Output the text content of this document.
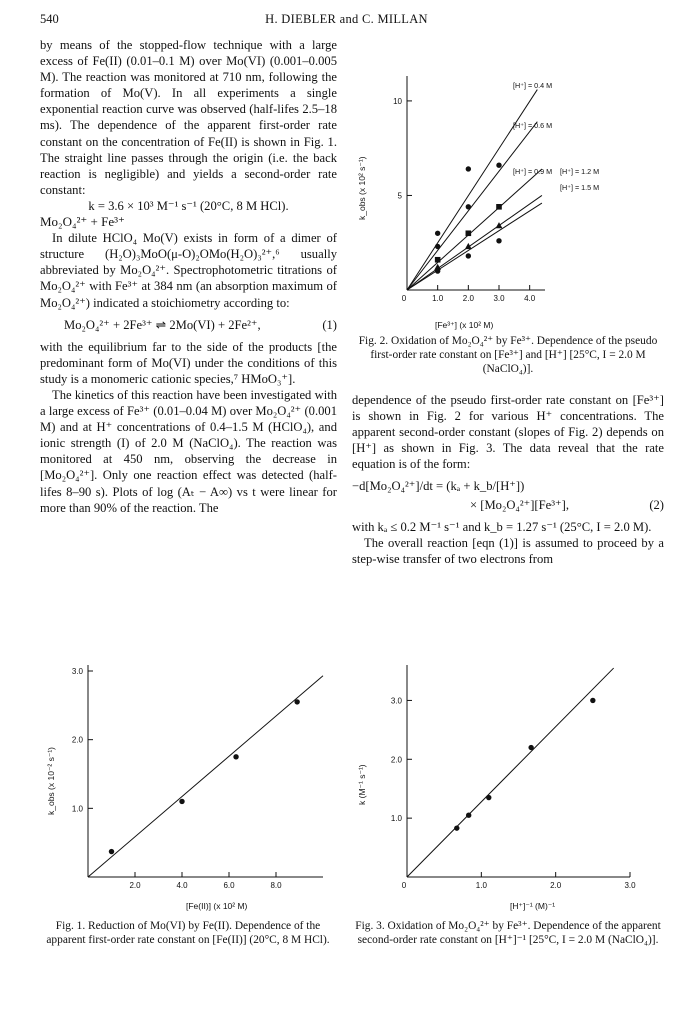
540	H. DIEBLER and C. MILLAN

by means of the stopped-flow technique with a large excess of Fe(II) (0.01–0.1 M) over Mo(VI) (0.001–0.005 M). The reaction was monitored at 710 nm, following the formation of Mo(V). In all experiments a single exponential reaction curve was observed (half-lifes 2.5–18 ms). The dependence of the apparent first-order rate constant on the concentration of Fe(II) is shown in Fig. 1. The straight line passes through the origin (i.e. the back reaction is negligible) and yields a second-order rate constant:

k = 3.6 × 10³ M⁻¹ s⁻¹ (20°C, 8 M HCl).

Mo₂O₄²⁺ + Fe³⁺

In dilute HClO₄ Mo(V) exists in form of a dimer of structure (H₂O)₃MoO(μ-O)₂OMo(H₂O)₃²⁺,⁶ usually abbreviated by Mo₂O₄²⁺. Spectrophotometric titrations of Mo₂O₄²⁺ with Fe³⁺ at 384 nm (an absorption maximum of Mo₂O₄²⁺) indicated a stoichiometry according to:

Mo₂O₄²⁺ + 2Fe³⁺ ⇌ 2Mo(VI) + 2Fe²⁺,	(1)

with the equilibrium far to the side of the products [the predominant form of Mo(VI) under the conditions of this study is a monomeric cationic species,⁷ HMoO₃⁺].

The kinetics of this reaction have been investigated with a large excess of Fe³⁺ (0.01–0.04 M) over Mo₂O₄²⁺ (0.001 M) and at H⁺ concentrations of 0.4–1.5 M (HClO₄), and ionic strength (I) of 2.0 M (NaClO₄). The reaction was monitored at 450 nm, observing the decrease in [Mo₂O₄²⁺]. Only one reaction effect was detected (half-lifes 8–90 s). Plots of log (Aₜ − A∞) vs t were linear for more than 90% of the reaction. The

1.0 2.0 3.0 4.0
5
10
0
[H⁺] = 0.4 M
[H⁺] = 0.6 M
[H⁺] = 0.9 M [H⁺] = 1.2 M
[H⁺] = 1.5 M
k_obs (x 10² s⁻¹)
[Fe³⁺] (x 10² M)
Fig. 2. Oxidation of Mo₂O₄²⁺ by Fe³⁺. Dependence of the pseudo first-order rate constant on [Fe³⁺] and [H⁺] [25°C, I = 2.0 M (NaClO₄)].

dependence of the pseudo first-order rate constant on [Fe³⁺] is shown in Fig. 2 for various H⁺ concentrations. The apparent second-order constant (slopes of Fig. 2) depends on [H⁺] as shown in Fig. 3. The data reveal that the rate equation is of the form:

−d[Mo₂O₄²⁺]/dt = (kₐ + k_b/[H⁺])
× [Mo₂O₄²⁺][Fe³⁺],	(2)

with kₐ ≤ 0.2 M⁻¹ s⁻¹ and k_b = 1.27 s⁻¹ (25°C, I = 2.0 M).

The overall reaction [eqn (1)] is assumed to proceed by a step-wise transfer of two electrons from

2.0	4.0	6.0	8.0
1.0
2.0
3.0
k_obs (x 10⁻² s⁻¹)
[Fe(II)] (x 10² M)
Fig. 1. Reduction of Mo(VI) by Fe(II). Dependence of the apparent first-order rate constant on [Fe(II)] (20°C, 8 M HCl).
1.0	2.0	3.0
1.0
2.0
3.0
0
k (M⁻¹ s⁻¹)
[H⁺]⁻¹ (M)⁻¹
Fig. 3. Oxidation of Mo₂O₄²⁺ by Fe³⁺. Dependence of the apparent second-order rate constant on [H⁺]⁻¹ [25°C, I = 2.0 M (NaClO₄)].
